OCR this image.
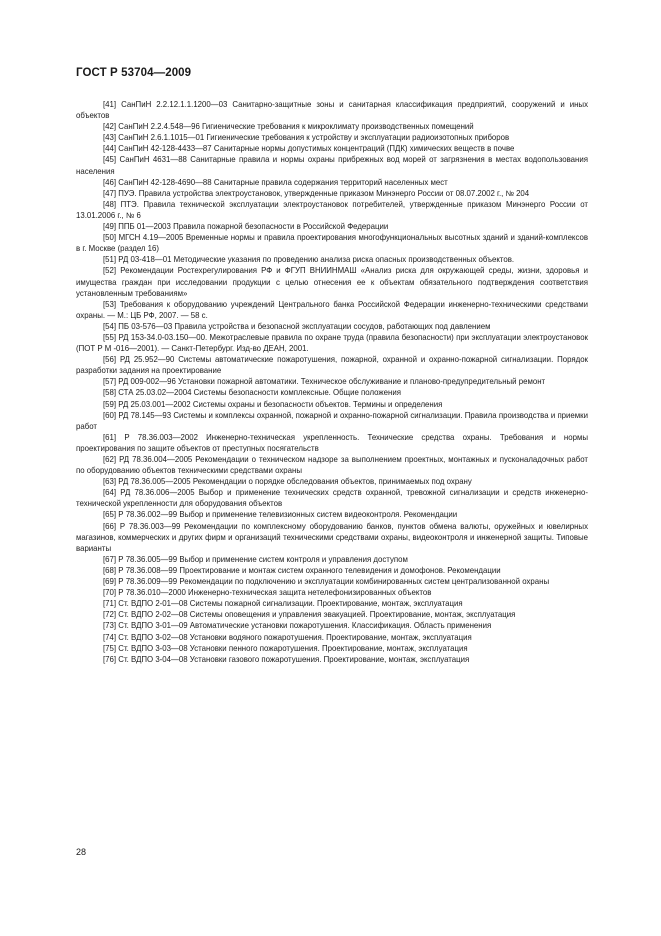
ГОСТ Р 53704—2009

[41] СанПиН 2.2.12.1.1.1200—03 Санитарно-защитные зоны и санитарная классификация предприятий, сооружений и иных объектов

[42] СанПиН 2.2.4.548—96 Гигиенические требования к микроклимату производственных помещений

[43] СанПиН 2.6.1.1015—01 Гигиенические требования к устройству и эксплуатации радиоизотопных приборов

[44] СанПиН 42-128-4433—87 Санитарные нормы допустимых концентраций (ПДК) химических веществ в почве

[45] СанПиН 4631—88 Санитарные правила и нормы охраны прибрежных вод морей от загрязнения в местах водопользования населения

[46] СанПиН 42-128-4690—88 Санитарные правила содержания территорий населенных мест

[47] ПУЭ. Правила устройства электроустановок, утвержденные приказом Минэнерго России от 08.07.2002 г., № 204

[48] ПТЭ. Правила технической эксплуатации электроустановок потребителей, утвержденные приказом Минэнерго России от 13.01.2006 г., № 6

[49] ППБ 01—2003 Правила пожарной безопасности в Российской Федерации

[50] МГСН 4.19—2005 Временные нормы и правила проектирования многофункциональных высотных зданий и зданий-комплексов в г. Москве (раздел 16)

[51] РД 03-418—01 Методические указания по проведению анализа риска опасных производственных объектов.

[52] Рекомендации Ростехрегулирования РФ и ФГУП ВНИИНМАШ «Анализ риска для окружающей среды, жизни, здоровья и имущества граждан при исследовании продукции с целью отнесения ее к объектам обязательного подтверждения соответствия установленным требованиям»

[53] Требования к оборудованию учреждений Центрального банка Российской Федерации инженерно-техническими средствами охраны. — М.: ЦБ РФ, 2007. — 58 с.

[54] ПБ 03-576—03 Правила устройства и безопасной эксплуатации сосудов, работающих под давлением

[55] РД 153-34.0-03.150—00. Межотраслевые правила по охране труда (правила безопасности) при эксплуатации электроустановок (ПОТ Р М -016—2001). — Санкт-Петербург. Изд-во ДЕАН, 2001.

[56] РД 25.952—90 Системы автоматические пожаротушения, пожарной, охранной и охранно-пожарной сигнализации. Порядок разработки задания на проектирование

[57] РД 009-002—96 Установки пожарной автоматики. Техническое обслуживание и планово-предупредительный ремонт

[58] СТА 25.03.02—2004 Системы безопасности комплексные. Общие положения

[59] РД 25.03.001—2002 Системы охраны и безопасности объектов. Термины и определения

[60] РД 78.145—93 Системы и комплексы охранной, пожарной и охранно-пожарной сигнализации. Правила производства и приемки работ

[61] Р 78.36.003—2002 Инженерно-техническая укрепленность. Технические средства охраны. Требования и нормы проектирования по защите объектов от преступных посягательств

[62] РД 78.36.004—2005 Рекомендации о техническом надзоре за выполнением проектных, монтажных и пусконаладочных работ по оборудованию объектов техническими средствами охраны

[63] РД 78.36.005—2005 Рекомендации о порядке обследования объектов, принимаемых под охрану

[64] РД 78.36.006—2005 Выбор и применение технических средств охранной, тревожной сигнализации и средств инженерно-технической укрепленности для оборудования объектов

[65] Р 78.36.002—99 Выбор и применение телевизионных систем видеоконтроля. Рекомендации

[66] Р 78.36.003—99 Рекомендации по комплексному оборудованию банков, пунктов обмена валюты, оружейных и ювелирных магазинов, коммерческих и других фирм и организаций техническими средствами охраны, видеоконтроля и инженерной защиты. Типовые варианты

[67] Р 78.36.005—99 Выбор и применение систем контроля и управления доступом

[68] Р 78.36.008—99 Проектирование и монтаж систем охранного телевидения и домофонов. Рекомендации

[69] Р 78.36.009—99 Рекомендации по подключению и эксплуатации комбинированных систем централизованной охраны

[70] Р 78.36.010—2000 Инженерно-техническая защита нетелефонизированных объектов

[71] Ст. ВДПО 2-01—08 Системы пожарной сигнализации. Проектирование, монтаж, эксплуатация

[72] Ст. ВДПО 2-02—08 Системы оповещения и управления эвакуацией. Проектирование, монтаж, эксплуатация

[73] Ст. ВДПО 3-01—09 Автоматические установки пожаротушения. Классификация. Область применения

[74] Ст. ВДПО 3-02—08 Установки водяного пожаротушения. Проектирование, монтаж, эксплуатация

[75] Ст. ВДПО 3-03—08 Установки пенного пожаротушения. Проектирование, монтаж, эксплуатация

[76] Ст. ВДПО 3-04—08 Установки газового пожаротушения. Проектирование, монтаж, эксплуатация

28
